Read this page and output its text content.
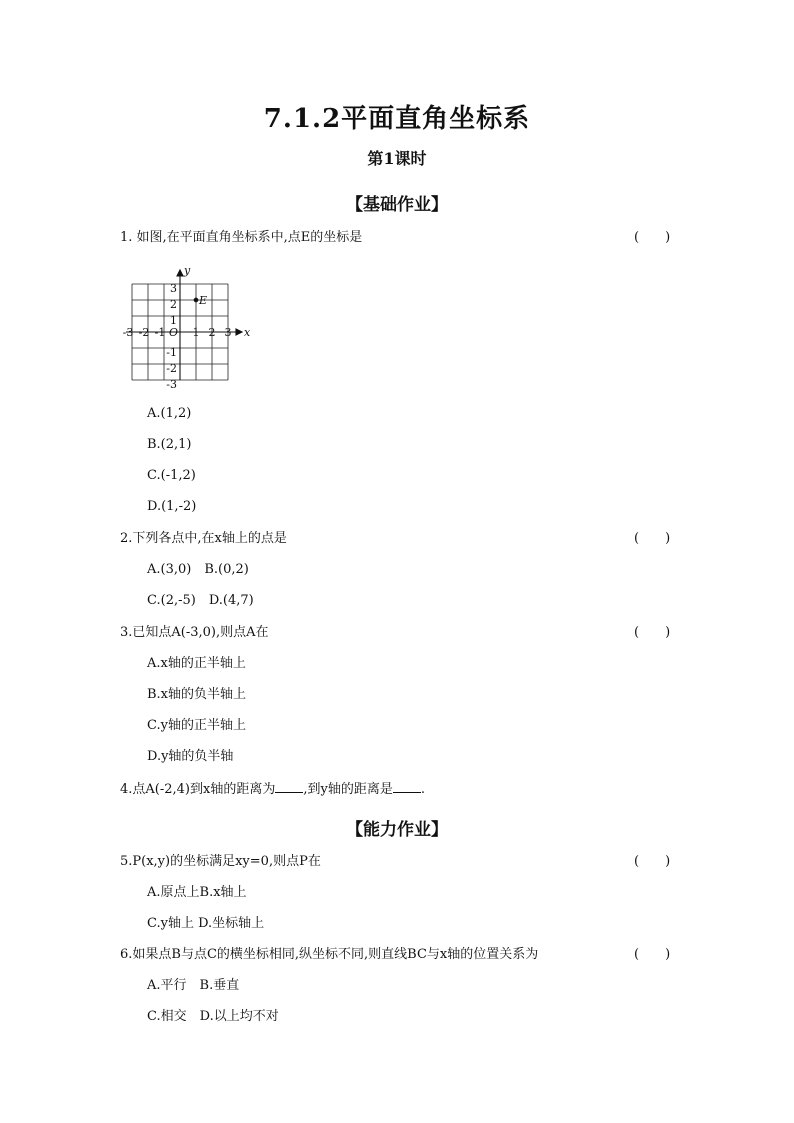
7.1.2平面直角坐标系
第1课时
【基础作业】
1. 如图,在平面直角坐标系中,点E的坐标是	(　　)
-3 -2 -1 1 2 3
3
2
1
-1
-2
-3
O	x
y
E
A.(1,2)
B.(2,1)
C.(-1,2)
D.(1,-2)
2.下列各点中,在x轴上的点是	(　　)
A.(3,0)　B.(0,2)
C.(2,-5)　D.(4,7)
3.已知点A(-3,0),则点A在	(　　)
A.x轴的正半轴上
B.x轴的负半轴上
C.y轴的正半轴上
D.y轴的负半轴
4.点A(-2,4)到x轴的距离为 ,到y轴的距离是 .
【能力作业】
5.P(x,y)的坐标满足xy=0,则点P在	(　　)
A.原点上B.x轴上
C.y轴上 D.坐标轴上
6.如果点B与点C的横坐标相同,纵坐标不同,则直线BC与x轴的位置关系为	(　　)
A.平行　B.垂直
C.相交　D.以上均不对
